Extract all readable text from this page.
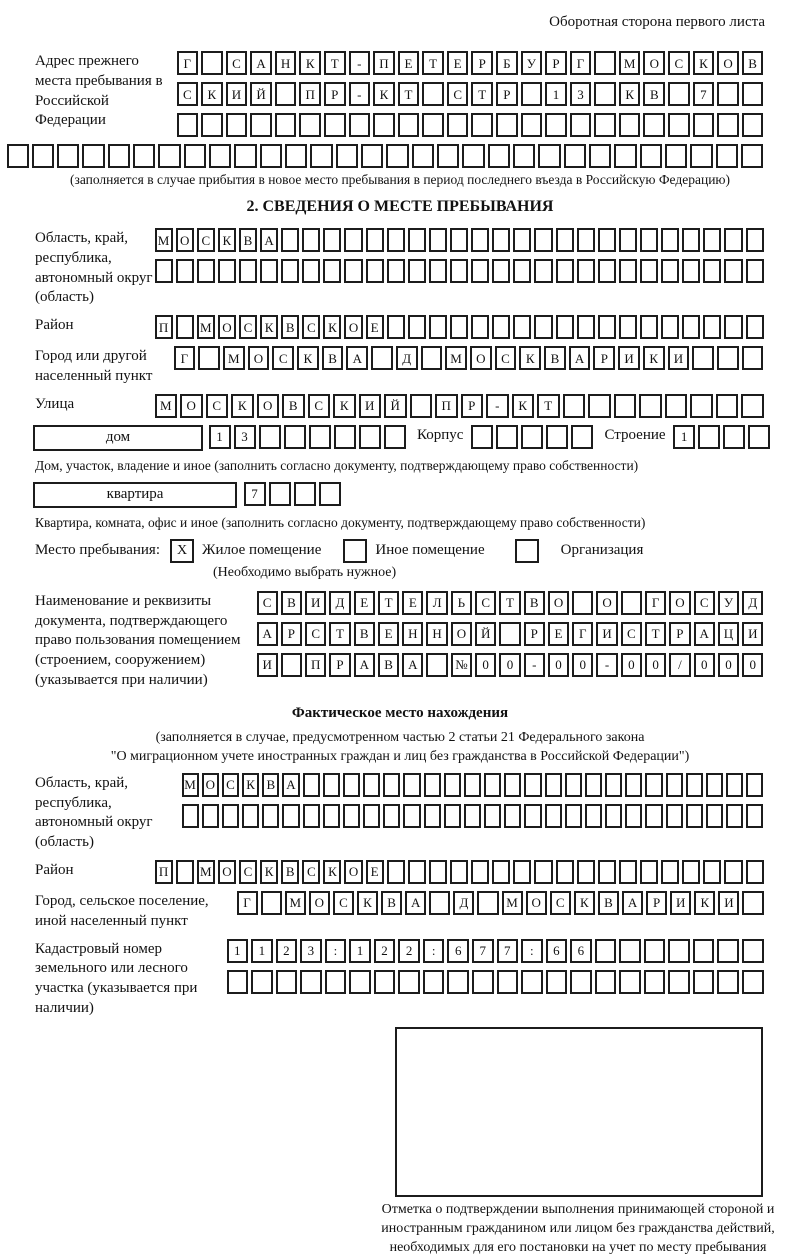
Оборотная сторона первого листа
Адрес прежнего места пребывания в Российской Федерации
Г	С	А	Н	К	Т	-	П	Е	Т	Е	Р	Б	У	Р	Г	М	О	С	К	О	В
С	К	И	Й	П	Р	-	К	Т	С	Т	Р	1	3	К	В	7
(заполняется в случае прибытия в новое место пребывания в период последнего въезда в Российскую Федерацию)
2. СВЕДЕНИЯ О МЕСТЕ ПРЕБЫВАНИЯ
Область, край, республика, автономный округ (область)
М О С К В А
Район	П	М О С К В С К О Е
Город или другой населенный пункт
Г	М	О	С	К	В	А	Д	М	О	С	К	В	А	Р	И	К	И
Улица	М	О	С	К	О	В	С	К	И	Й	П	Р	-	К	Т
дом	1	3	Корпус	Строение	1
Дом, участок, владение и иное (заполнить согласно документу, подтверждающему право собственности)
квартира	7
Квартира, комната, офис и иное (заполнить согласно документу, подтверждающему право собственности)
Место пребывания:	X Жилое помещение	Иное помещение	Организация
(Необходимо выбрать нужное)
Наименование и реквизиты документа, подтверждающего право пользования помещением (строением, сооружением) (указывается при наличии)
С	В	И	Д	Е	Т	Е	Л	Ь	С	Т	В	О	О	Г	О	С	У	Д
А	Р	С	Т	В	Е	Н	Н	О	Й	Р	Е	Г	И	С	Т	Р	А	Ц	И
И	П	Р	А	В	А	№	0	0	-	0	0	-	0	0	/	0	0	0
Фактическое место нахождения
(заполняется в случае, предусмотренном частью 2 статьи 21 Федерального закона
"О миграционном учете иностранных граждан и лиц без гражданства в Российской Федерации")
Область, край, республика, автономный округ (область)
М О С К В А
Район	П	М О С К В С К О Е
Город, сельское поселение, иной населенный пункт
Г	М	О	С	К	В	А	Д	М	О	С	К	В	А	Р	И	К	И
Кадастровый номер земельного или лесного участка (указывается при наличии)
1	1	2	3	:	1	2	2	:	6	7	7	:	6	6
Отметка о подтверждении выполнения принимающей стороной и иностранным гражданином или лицом без гражданства действий, необходимых для его постановки на учет по месту пребывания
